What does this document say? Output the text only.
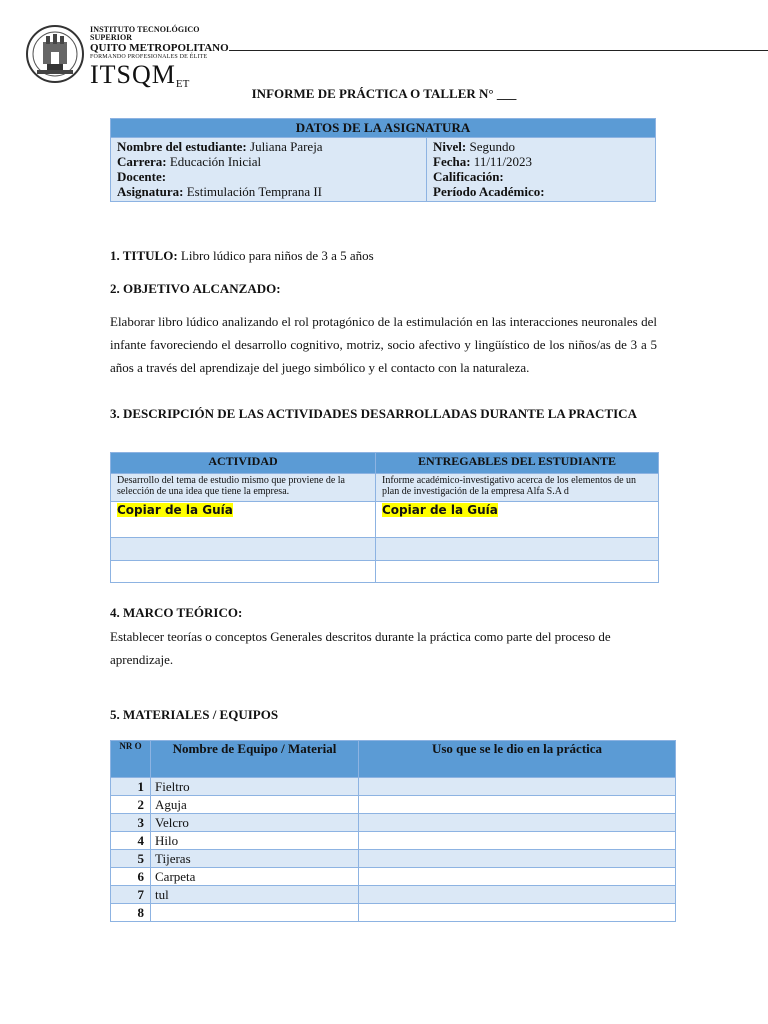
INSTITUTO TECNOLÓGICO SUPERIOR
QUITO METROPOLITANO
FORMANDO PROFESIONALES DE ÉLITE
$ITSQM^{ET}$
INFORME DE PRÁCTICA O TALLER N° ___
DATOS DE LA ASIGNATURA

Nombre del estudiante: Juliana Pareja
Carrera: Educación Inicial
Docente:
Asignatura: Estimulación Temprana II

Nivel: Segundo
Fecha: 11/11/2023
Calificación:
Período Académico:
1. TITULO: Libro lúdico para niños de 3 a 5 años
2. OBJETIVO ALCANZADO:
Elaborar libro lúdico analizando el rol protagónico de la estimulación en las interacciones neuronales del infante favoreciendo el desarrollo cognitivo, motriz, socio afectivo y lingüístico de los niños/as de 3 a 5 años a través del aprendizaje del juego simbólico y el contacto con la naturaleza.
3. DESCRIPCIÓN DE LAS ACTIVIDADES DESARROLLADAS DURANTE LA PRACTICA
ACTIVIDAD	ENTREGABLES DEL ESTUDIANTE
Desarrollo del tema de estudio mismo que proviene de la selección de una idea que tiene la empresa.	Informe académico-investigativo acerca de los elementos de un plan de investigación de la empresa Alfa S.A d
Copiar de la Guía	Copiar de la Guía

4. MARCO TEÓRICO:
Establecer teorías o conceptos Generales descritos durante la práctica como parte del proceso de aprendizaje.
5. MATERIALES / EQUIPOS
NR O	Nombre de Equipo / Material	Uso que se le dio en la práctica
1	Fieltro	
2	Aguja	
3	Velcro	
4	Hilo	
5	Tijeras	
6	Carpeta	
7	tul	
8		
